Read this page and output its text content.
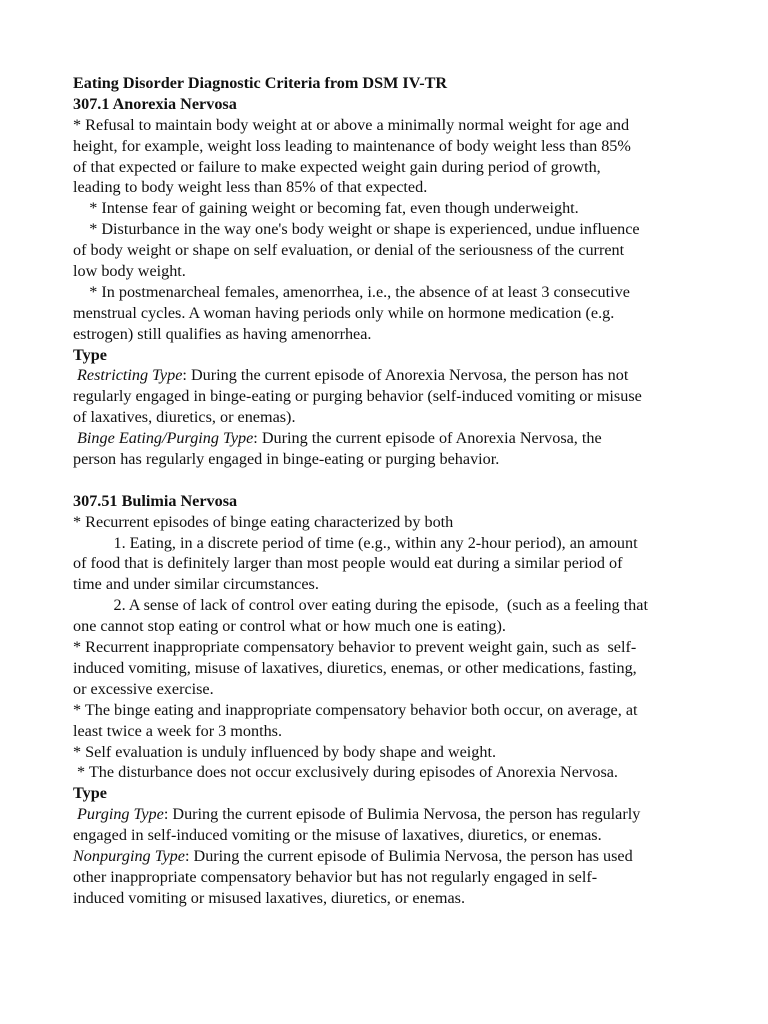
Eating Disorder Diagnostic Criteria from DSM IV-TR
307.1 Anorexia Nervosa
* Refusal to maintain body weight at or above a minimally normal weight for age and
height, for example, weight loss leading to maintenance of body weight less than 85%
of that expected or failure to make expected weight gain during period of growth,
leading to body weight less than 85% of that expected.
* Intense fear of gaining weight or becoming fat, even though underweight.
* Disturbance in the way one's body weight or shape is experienced, undue influence
of body weight or shape on self evaluation, or denial of the seriousness of the current
low body weight.
* In postmenarcheal females, amenorrhea, i.e., the absence of at least 3 consecutive
menstrual cycles. A woman having periods only while on hormone medication (e.g.
estrogen) still qualifies as having amenorrhea.
Type
Restricting Type: During the current episode of Anorexia Nervosa, the person has not
regularly engaged in binge-eating or purging behavior (self-induced vomiting or misuse
of laxatives, diuretics, or enemas).
Binge Eating/Purging Type: During the current episode of Anorexia Nervosa, the
person has regularly engaged in binge-eating or purging behavior.
307.51 Bulimia Nervosa
* Recurrent episodes of binge eating characterized by both
1. Eating, in a discrete period of time (e.g., within any 2-hour period), an amount
of food that is definitely larger than most people would eat during a similar period of
time and under similar circumstances.
2. A sense of lack of control over eating during the episode,  (such as a feeling that
one cannot stop eating or control what or how much one is eating).
* Recurrent inappropriate compensatory behavior to prevent weight gain, such as  self-
induced vomiting, misuse of laxatives, diuretics, enemas, or other medications, fasting,
or excessive exercise.
* The binge eating and inappropriate compensatory behavior both occur, on average, at
least twice a week for 3 months.
* Self evaluation is unduly influenced by body shape and weight.
* The disturbance does not occur exclusively during episodes of Anorexia Nervosa.
Type
Purging Type: During the current episode of Bulimia Nervosa, the person has regularly
engaged in self-induced vomiting or the misuse of laxatives, diuretics, or enemas.
Nonpurging Type: During the current episode of Bulimia Nervosa, the person has used
other inappropriate compensatory behavior but has not regularly engaged in self-
induced vomiting or misused laxatives, diuretics, or enemas.
